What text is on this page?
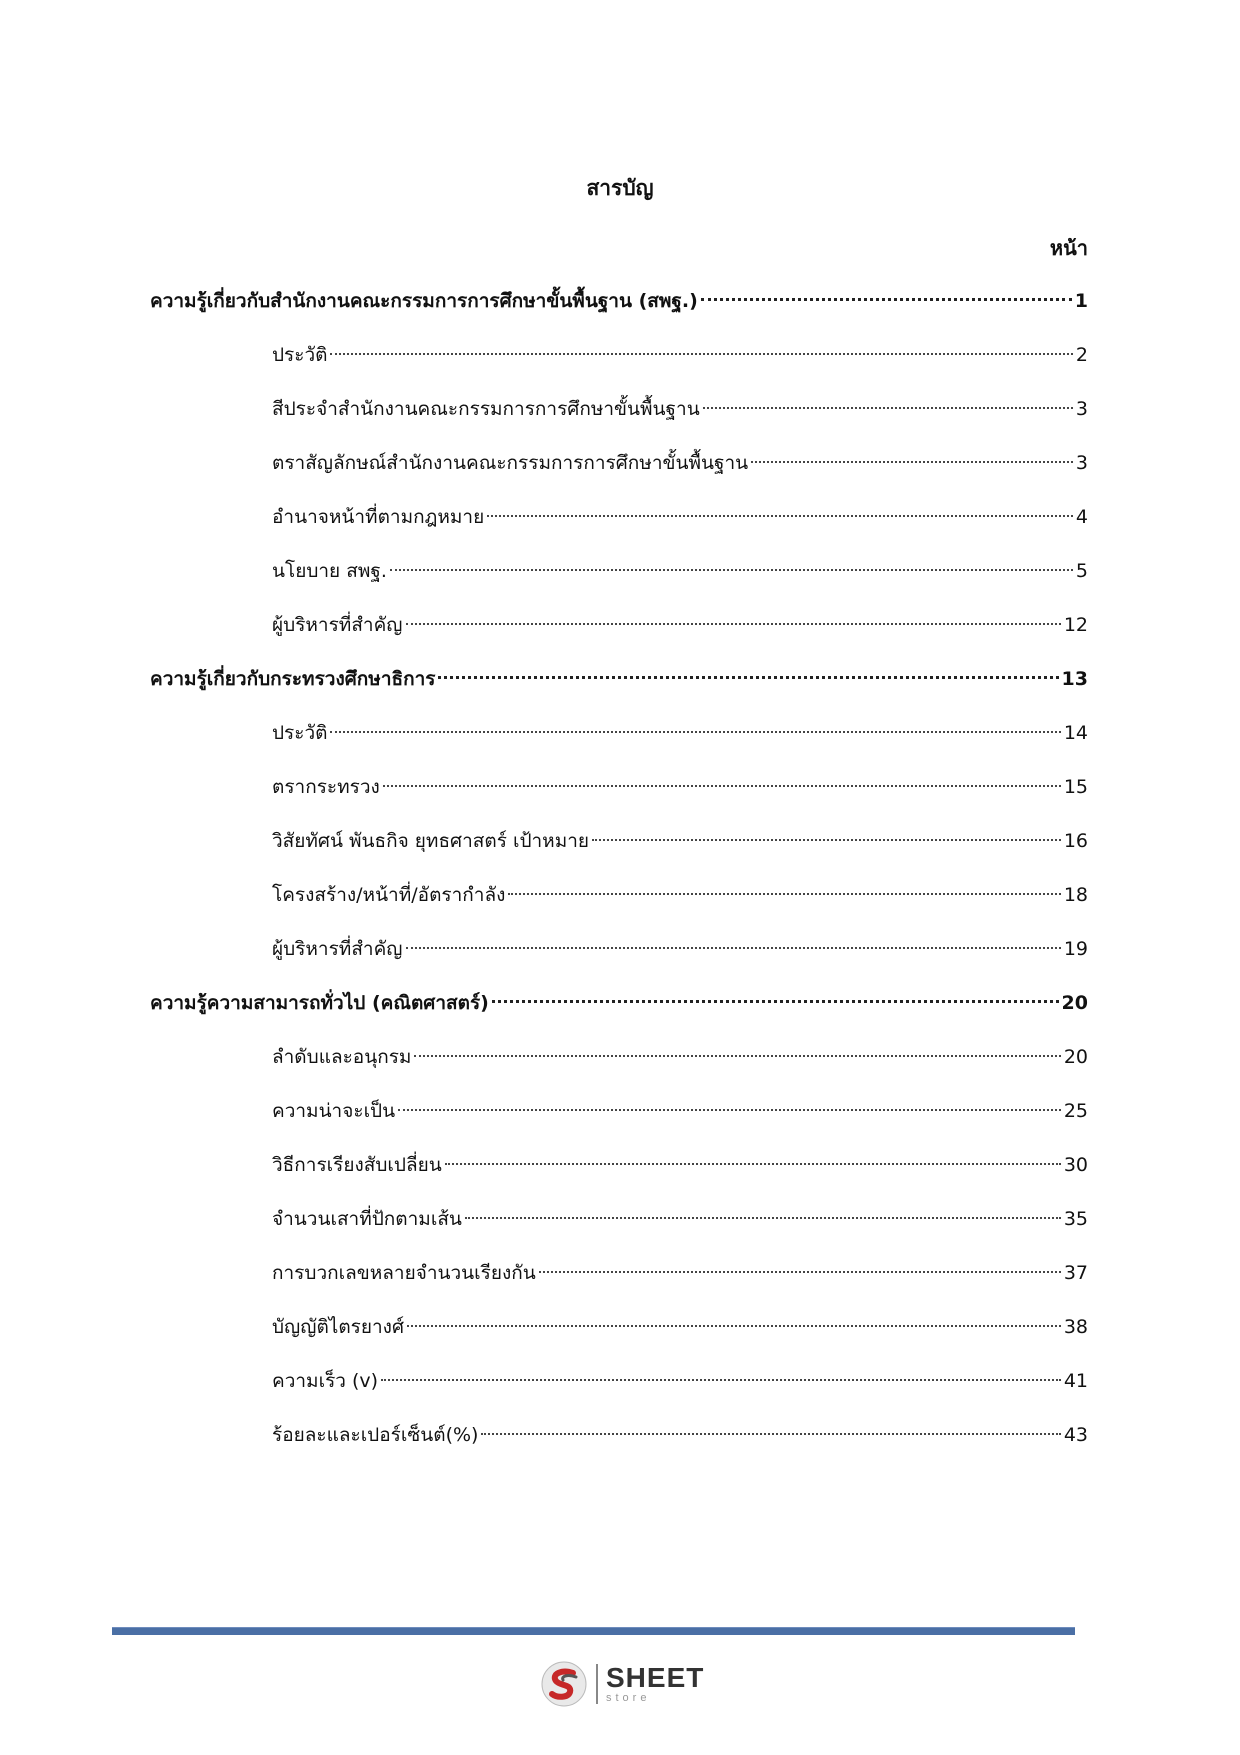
สารบัญ
หน้า
ความรู้เกี่ยวกับสำนักงานคณะกรรมการการศึกษาขั้นพื้นฐาน (สพฐ.)	1
ประวัติ	2
สีประจำสำนักงานคณะกรรมการการศึกษาขั้นพื้นฐาน	3
ตราสัญลักษณ์สำนักงานคณะกรรมการการศึกษาขั้นพื้นฐาน	3
อำนาจหน้าที่ตามกฎหมาย	4
นโยบาย สพฐ.	5
ผู้บริหารที่สำคัญ	12
ความรู้เกี่ยวกับกระทรวงศึกษาธิการ	13
ประวัติ	14
ตรากระทรวง	15
วิสัยทัศน์ พันธกิจ ยุทธศาสตร์ เป้าหมาย	16
โครงสร้าง/หน้าที่/อัตรากำลัง	18
ผู้บริหารที่สำคัญ	19
ความรู้ความสามารถทั่วไป (คณิตศาสตร์)	20
ลำดับและอนุกรม	20
ความน่าจะเป็น	25
วิธีการเรียงสับเปลี่ยน	30
จำนวนเสาที่ปักตามเส้น	35
การบวกเลขหลายจำนวนเรียงกัน	37
บัญญัติไตรยางศ์	38
ความเร็ว (v)	41
ร้อยละและเปอร์เซ็นต์(%)	43
SHEET
store
